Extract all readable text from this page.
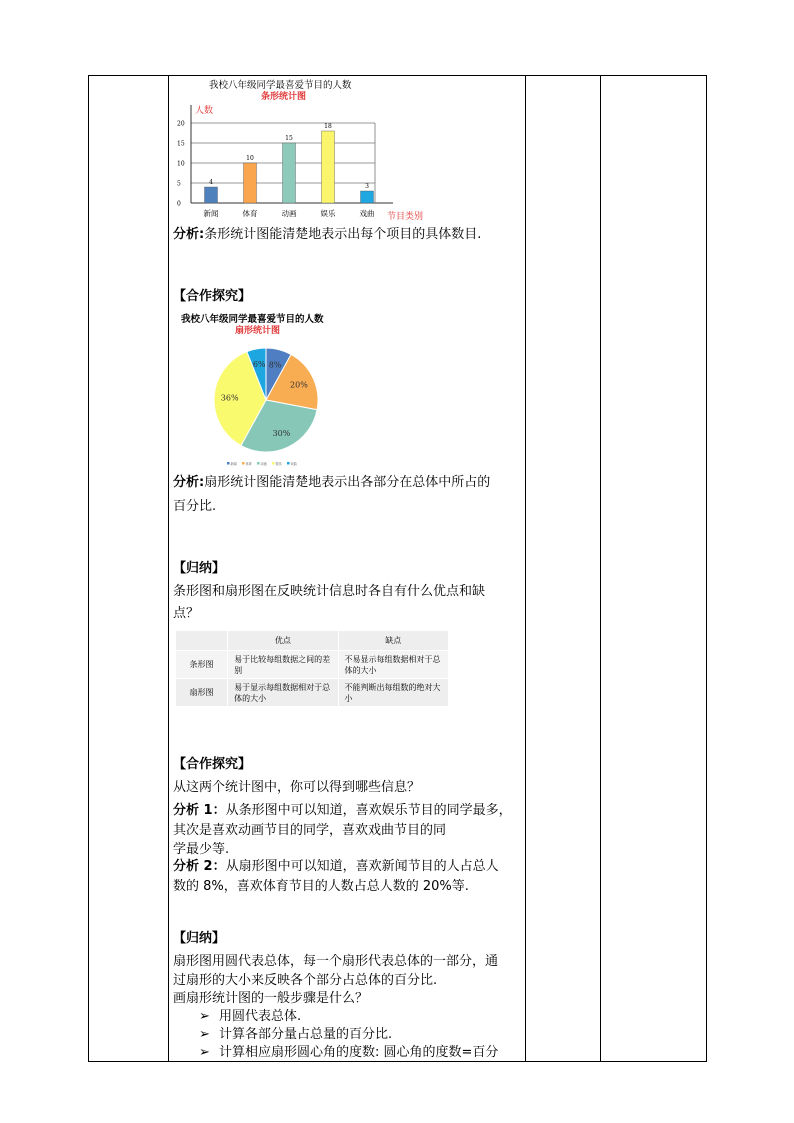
我校八年级同学最喜爱节目的人数
条形统计图
0
5
10
15
20
4
新闻
10
体育
15
动画
18
娱乐
3
戏曲
人数
节目类别
分析:条形统计图能清楚地表示出每个项目的具体数目.
【合作探究】
我校八年级同学最喜爱节目的人数
扇形统计图
8%
20%
30%
36%
6%
新闻	体育	动画	娱乐	戏曲
分析:扇形统计图能清楚地表示出各部分在总体中所占的
百分比.
【归纳】
条形图和扇形图在反映统计信息时各自有什么优点和缺
点？
	优点	缺点
条形图	易于比较每组数据之间的差别	不易显示每组数据相对于总体的大小
扇形图	易于显示每组数据相对于总体的大小	不能判断出每组数的绝对大小
【合作探究】
从这两个统计图中，你可以得到哪些信息？
分析 1：从条形图中可以知道，喜欢娱乐节目的同学最多，
其次是喜欢动画节目的同学，喜欢戏曲节目的同
学最少等.
分析 2：从扇形图中可以知道，喜欢新闻节目的人占总人
数的 8%，喜欢体育节目的人数占总人数的 20%等.
【归纳】
扇形图用圆代表总体，每一个扇形代表总体的一部分，通
过扇形的大小来反映各个部分占总体的百分比.
画扇形统计图的一般步骤是什么？
➢ 用圆代表总体.
➢ 计算各部分量占总量的百分比.
➢ 计算相应扇形圆心角的度数: 圆心角的度数=百分
